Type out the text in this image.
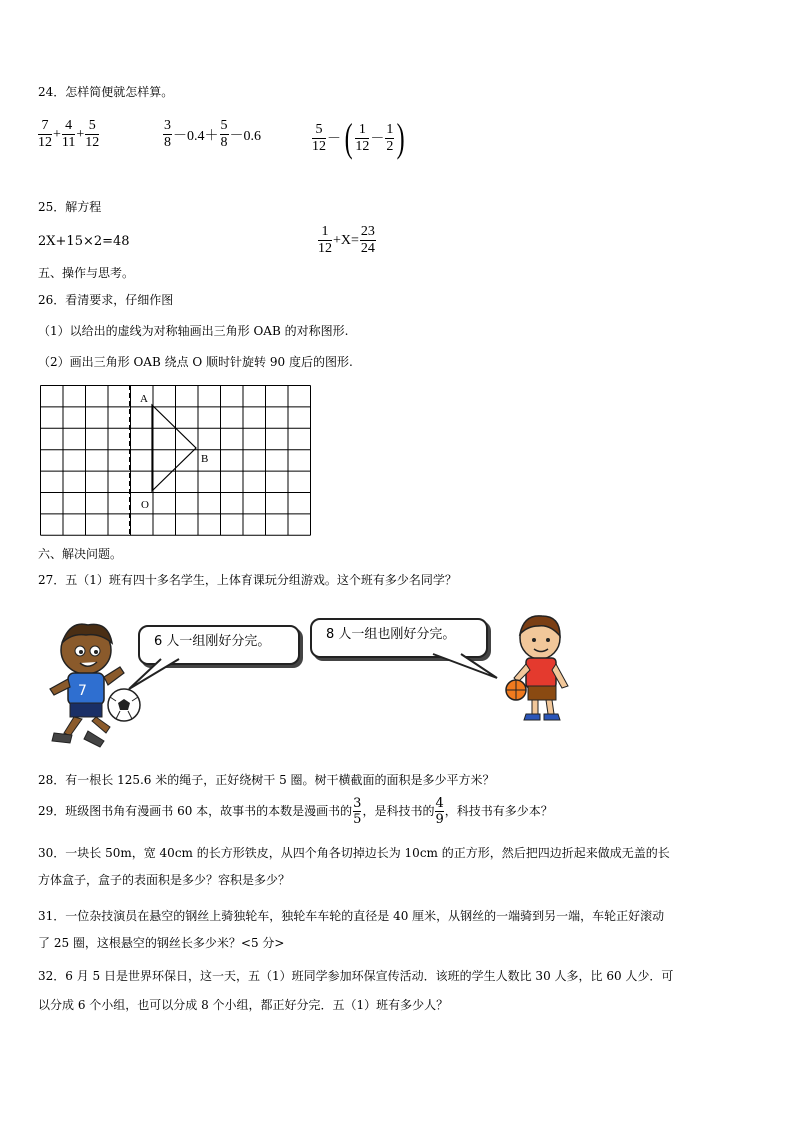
24．怎样简便就怎样算。
$\frac{7}{12} + \frac{4}{11} + \frac{5}{12}$	$\frac{3}{8} -0.4+ \frac{5}{8} -0.6$	$\frac{5}{12}$ －( $\frac{1}{12} - \frac{1}{2}$ )
25．解方程
2X+15×2=48	$\frac{1}{12} +X= \frac{23}{24}$
五、操作与思考。
26．看清要求，仔细作图
（1）以给出的虚线为对称轴画出三角形 OAB 的对称图形.
（2）画出三角形 OAB 绕点 O 顺时针旋转 90 度后的图形.
A
B
O
六、解决问题。
27．五（1）班有四十多名学生，上体育课玩分组游戏。这个班有多少名同学？
7
6 人一组刚好分完。	8 人一组也刚好分完。
28．有一根长 125.6 米的绳子，正好绕树干 5 圈。树干横截面的面积是多少平方米？
29．班级图书角有漫画书 60 本，故事书的本数是漫画书的 $\frac{3}{5}$ ，是科技书的 $\frac{4}{9}$ ，科技书有多少本？
30．一块长 50m，宽 40cm 的长方形铁皮，从四个角各切掉边长为 10cm 的正方形，然后把四边折起来做成无盖的长
方体盒子，盒子的表面积是多少？容积是多少？
31．一位杂技演员在悬空的钢丝上骑独轮车，独轮车车轮的直径是 40 厘米，从钢丝的一端骑到另一端，车轮正好滚动
了 25 圈，这根悬空的钢丝长多少米？<5 分>
32．6 月 5 日是世界环保日，这一天，五（1）班同学参加环保宣传活动．该班的学生人数比 30 人多，比 60 人少．可
以分成 6 个小组，也可以分成 8 个小组，都正好分完．五（1）班有多少人？
